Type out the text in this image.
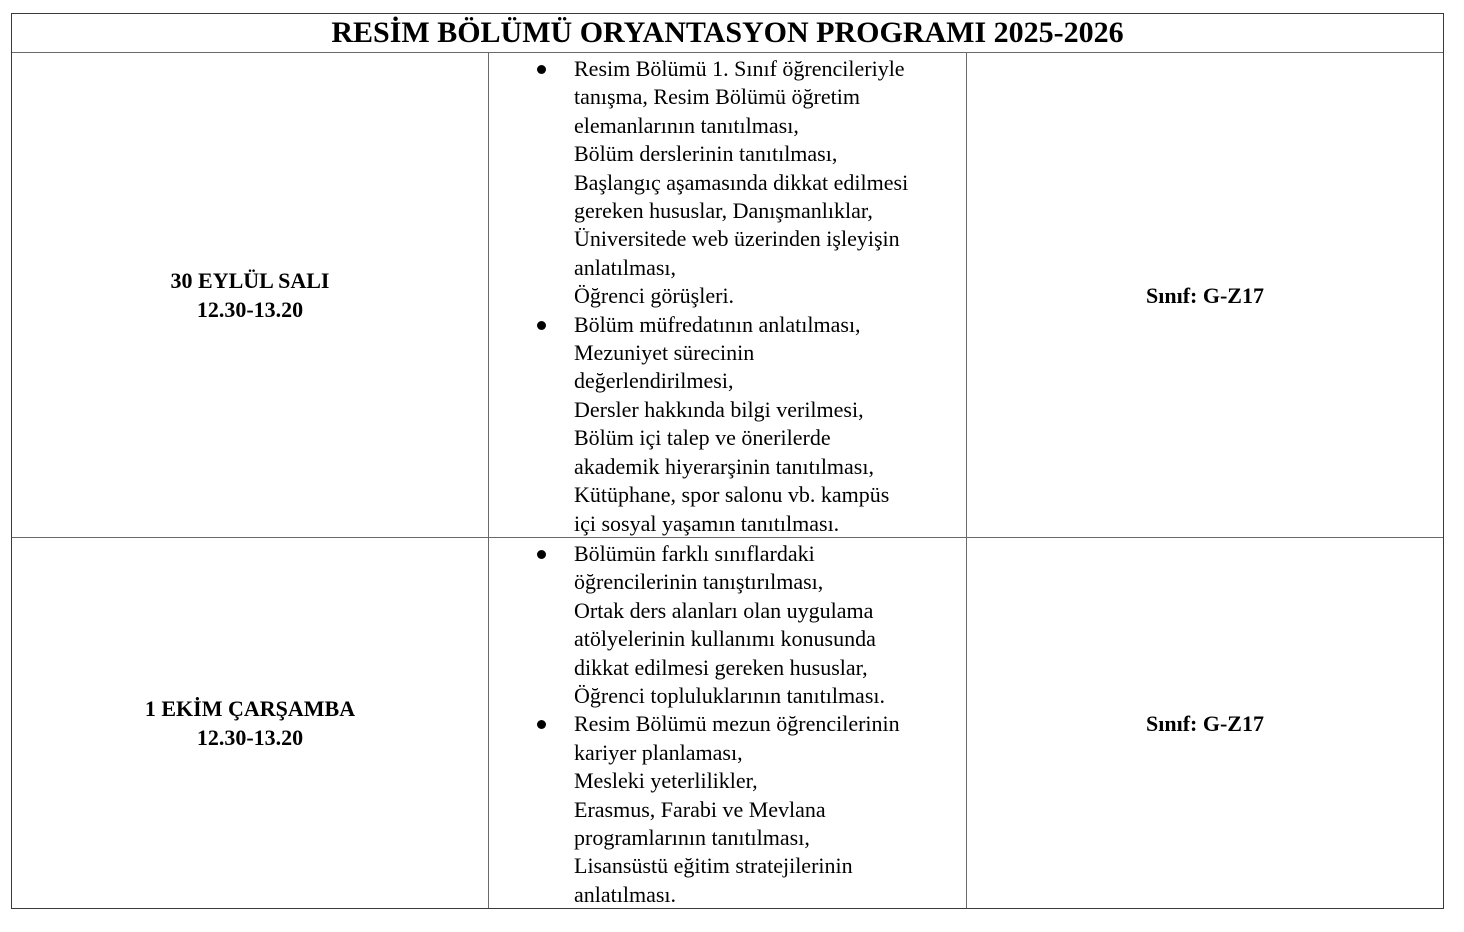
RESİM BÖLÜMÜ ORYANTASYON PROGRAMI 2025-2026
30 EYLÜL SALI
12.30-13.20
Resim Bölümü 1. Sınıf öğrencileriyle
tanışma, Resim Bölümü öğretim
elemanlarının tanıtılması,
Bölüm derslerinin tanıtılması,
Başlangıç aşamasında dikkat edilmesi
gereken hususlar, Danışmanlıklar,
Üniversitede web üzerinden işleyişin
anlatılması,
Öğrenci görüşleri.
Bölüm müfredatının anlatılması,
Mezuniyet sürecinin
değerlendirilmesi,
Dersler hakkında bilgi verilmesi,
Bölüm içi talep ve önerilerde
akademik hiyerarşinin tanıtılması,
Kütüphane, spor salonu vb. kampüs
içi sosyal yaşamın tanıtılması.
Sınıf: G-Z17
1 EKİM ÇARŞAMBA
12.30-13.20
Bölümün farklı sınıflardaki
öğrencilerinin tanıştırılması,
Ortak ders alanları olan uygulama
atölyelerinin kullanımı konusunda
dikkat edilmesi gereken hususlar,
Öğrenci topluluklarının tanıtılması.
Resim Bölümü mezun öğrencilerinin
kariyer planlaması,
Mesleki yeterlilikler,
Erasmus, Farabi ve Mevlana
programlarının tanıtılması,
Lisansüstü eğitim stratejilerinin
anlatılması.
Sınıf: G-Z17
